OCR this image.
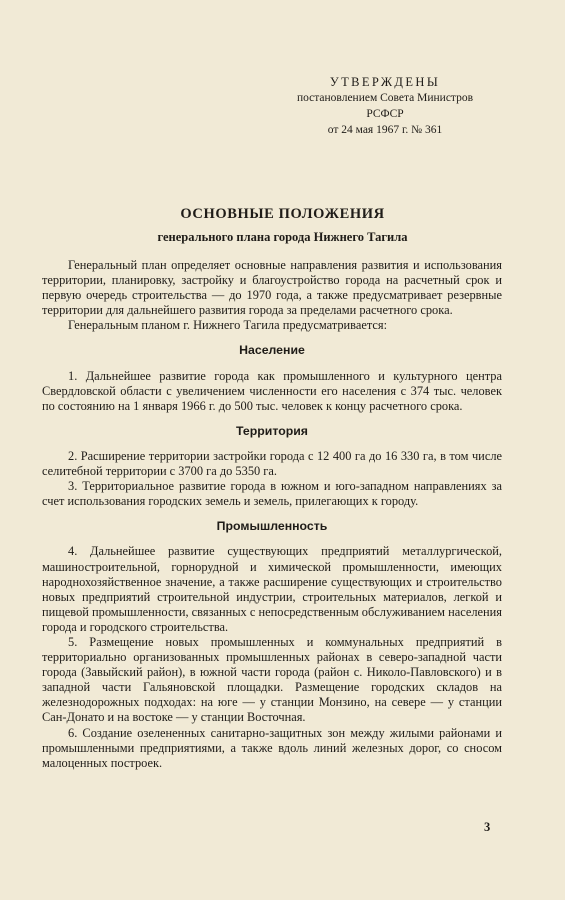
УТВЕРЖДЕНЫ
постановлением Совета Министров
РСФСР
от 24 мая 1967 г. № 361
ОСНОВНЫЕ ПОЛОЖЕНИЯ
генерального плана города Нижнего Тагила

Генеральный план определяет основные направления развития и использования территории, планировку, застройку и благоустройство города на расчетный срок и первую очередь строительства — до 1970 года, а также предусматривает резервные территории для дальнейшего развития города за пределами расчетного срока.

Генеральным планом г. Нижнего Тагила предусматривается:

Население

1. Дальнейшее развитие города как промышленного и культурного центра Свердловской области с увеличением численности его населения с 374 тыс. человек по состоянию на 1 января 1966 г. до 500 тыс. человек к концу расчетного срока.

Территория

2. Расширение территории застройки города с 12 400 га до 16 330 га, в том числе селитебной территории с 3700 га до 5350 га.

3. Территориальное развитие города в южном и юго-западном направлениях за счет использования городских земель и земель, прилегающих к городу.

Промышленность

4. Дальнейшее развитие существующих предприятий металлургической, машиностроительной, горнорудной и химической промышленности, имеющих народнохозяйственное значение, а также расширение существующих и строительство новых предприятий строительной индустрии, строительных материалов, легкой и пищевой промышленности, связанных с непосредственным обслуживанием населения города и городского строительства.

5. Размещение новых промышленных и коммунальных предприятий в территориально организованных промышленных районах в северо-западной части города (Завыйский район), в южной части города (район с. Николо-Павловского) и в западной части Гальяновской площадки. Размещение городских складов на железнодорожных подходах: на юге — у станции Монзино, на севере — у станции Сан-Донато и на востоке — у станции Восточная.

6. Создание озелененных санитарно-защитных зон между жилыми районами и промышленными предприятиями, а также вдоль линий железных дорог, со сносом малоценных построек.

3
